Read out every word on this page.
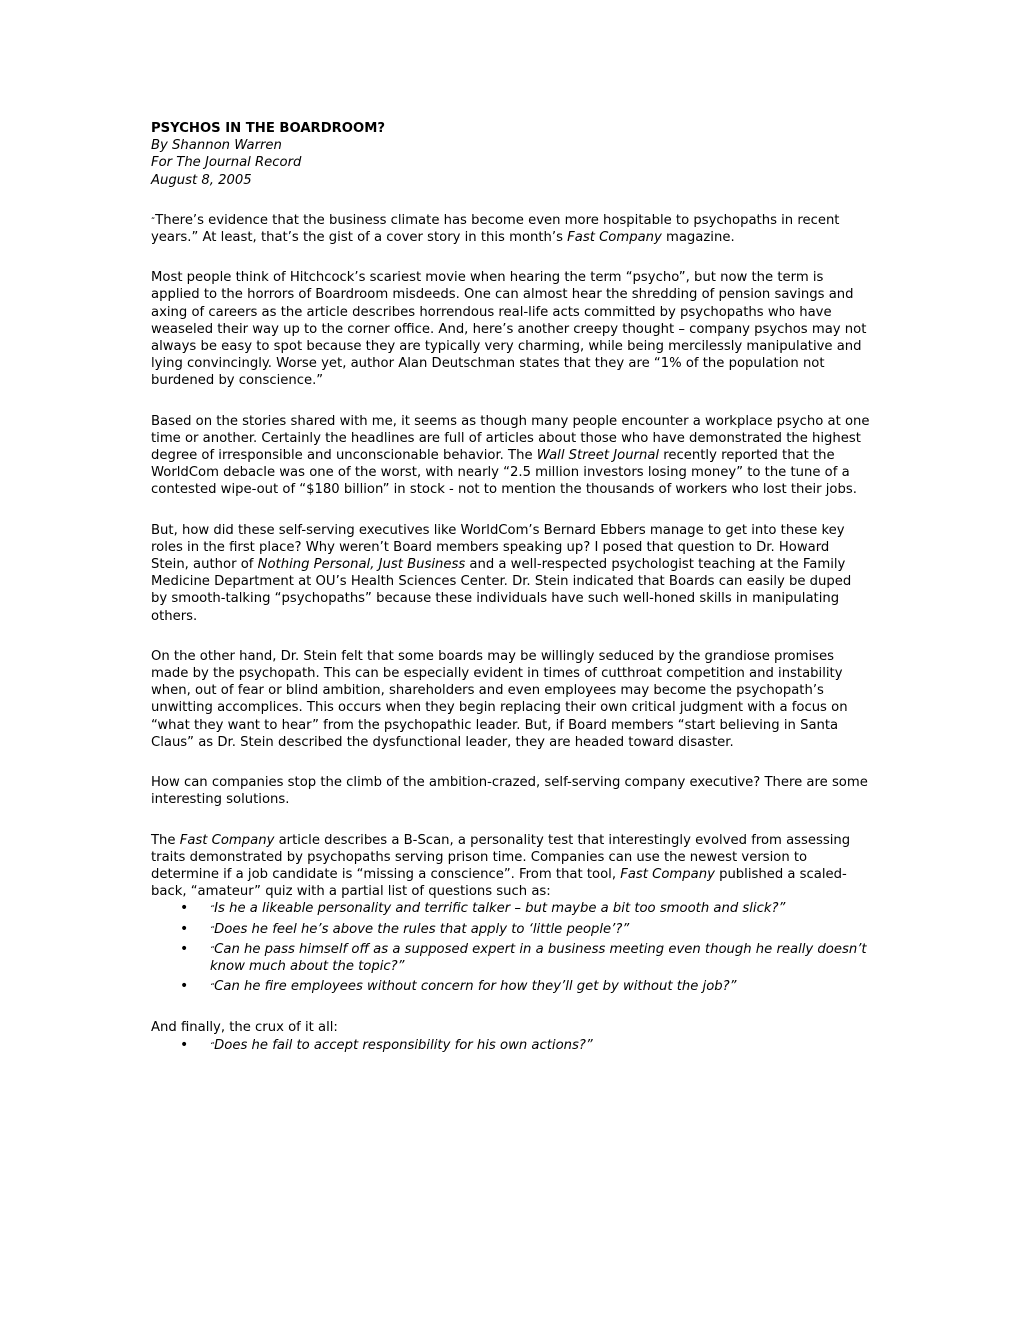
PSYCHOS IN THE BOARDROOM?

By Shannon Warren

For The Journal Record

August 8, 2005

“There’s evidence that the business climate has become even more hospitable to psychopaths in recent years.” At least, that’s the gist of a cover story in this month’s Fast Company magazine.

Most people think of Hitchcock’s scariest movie when hearing the term “psycho”, but now the term is applied to the horrors of Boardroom misdeeds. One can almost hear the shredding of pension savings and axing of careers as the article describes horrendous real-life acts committed by psychopaths who have weaseled their way up to the corner office. And, here’s another creepy thought – company psychos may not always be easy to spot because they are typically very charming, while being mercilessly manipulative and lying convincingly. Worse yet, author Alan Deutschman states that they are “1% of the population not burdened by conscience.”

Based on the stories shared with me, it seems as though many people encounter a workplace psycho at one time or another. Certainly the headlines are full of articles about those who have demonstrated the highest degree of irresponsible and unconscionable behavior. The Wall Street Journal recently reported that the WorldCom debacle was one of the worst, with nearly “2.5 million investors losing money” to the tune of a contested wipe-out of “$180 billion” in stock - not to mention the thousands of workers who lost their jobs.

But, how did these self-serving executives like WorldCom’s Bernard Ebbers manage to get into these key roles in the first place? Why weren’t Board members speaking up? I posed that question to Dr. Howard Stein, author of Nothing Personal, Just Business and a well-respected psychologist teaching at the Family Medicine Department at OU’s Health Sciences Center. Dr. Stein indicated that Boards can easily be duped by smooth-talking “psychopaths” because these individuals have such well-honed skills in manipulating others.

On the other hand, Dr. Stein felt that some boards may be willingly seduced by the grandiose promises made by the psychopath. This can be especially evident in times of cutthroat competition and instability when, out of fear or blind ambition, shareholders and even employees may become the psychopath’s unwitting accomplices. This occurs when they begin replacing their own critical judgment with a focus on “what they want to hear” from the psychopathic leader. But, if Board members “start believing in Santa Claus” as Dr. Stein described the dysfunctional leader, they are headed toward disaster.

How can companies stop the climb of the ambition-crazed, self-serving company executive? There are some interesting solutions.

The Fast Company article describes a B-Scan, a personality test that interestingly evolved from assessing traits demonstrated by psychopaths serving prison time. Companies can use the newest version to determine if a job candidate is “missing a conscience”. From that tool, Fast Company published a scaled-back, “amateur” quiz with a partial list of questions such as:

•	“Is he a likeable personality and terrific talker – but maybe a bit too smooth and slick?”
•	“Does he feel he’s above the rules that apply to ‘little people’?”
•	“Can he pass himself off as a supposed expert in a business meeting even though he really doesn’t know much about the topic?”
•	“Can he fire employees without concern for how they’ll get by without the job?”

And finally, the crux of it all:

•	“Does he fail to accept responsibility for his own actions?”
